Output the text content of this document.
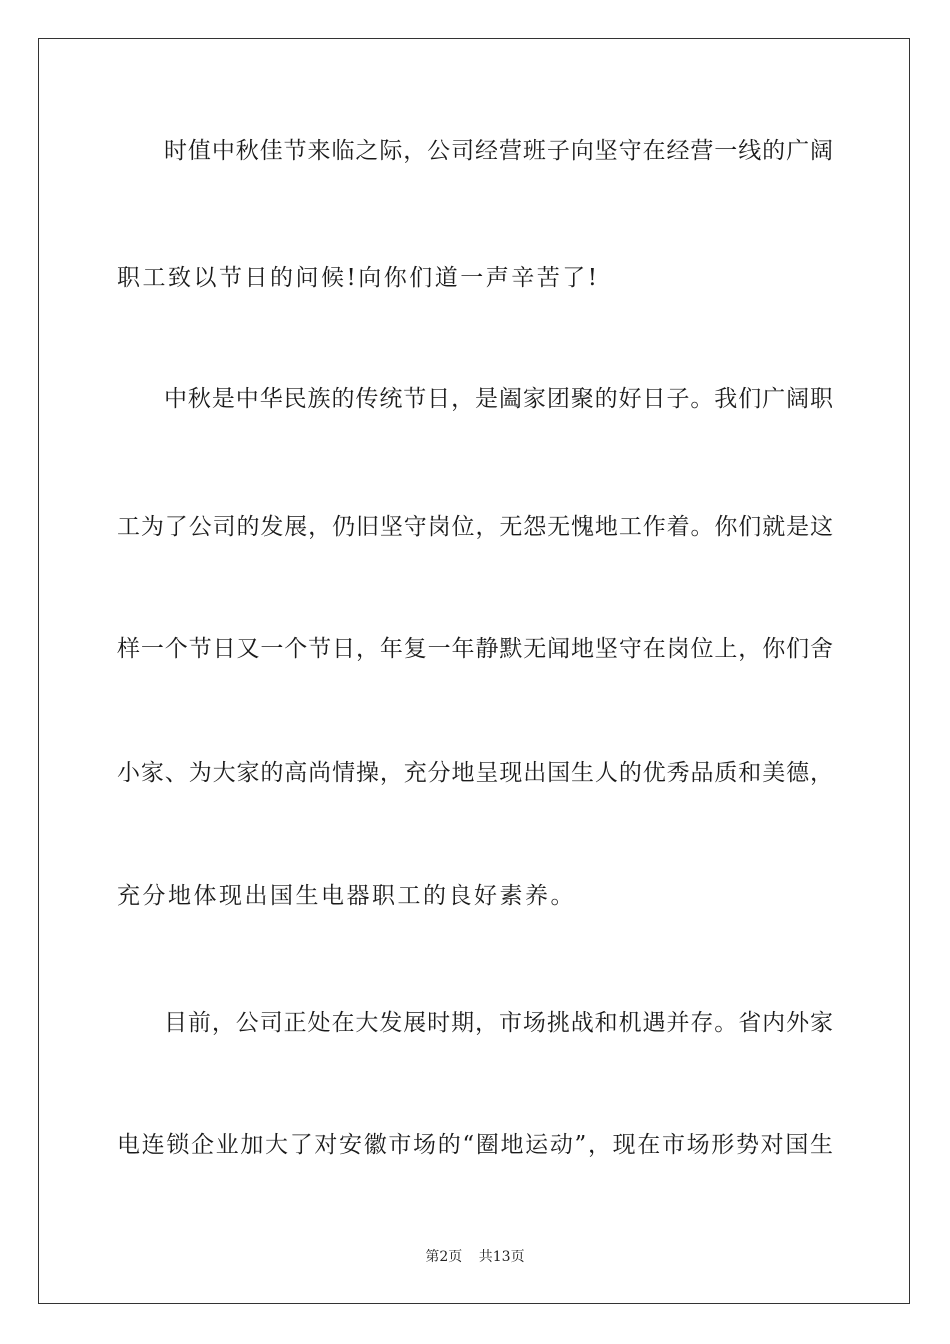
时值中秋佳节来临之际，公司经营班子向坚守在经营一线的广阔
职工致以节日的问候!向你们道一声辛苦了!
中秋是中华民族的传统节日，是阖家团聚的好日子。我们广阔职
工为了公司的发展，仍旧坚守岗位，无怨无愧地工作着。你们就是这
样一个节日又一个节日，年复一年静默无闻地坚守在岗位上，你们舍
小家、为大家的高尚情操，充分地呈现出国生人的优秀品质和美德，
充分地体现出国生电器职工的良好素养。
目前，公司正处在大发展时期，市场挑战和机遇并存。省内外家
电连锁企业加大了对安徽市场的“圈地运动”，现在市场形势对国生
第2页 共13页
